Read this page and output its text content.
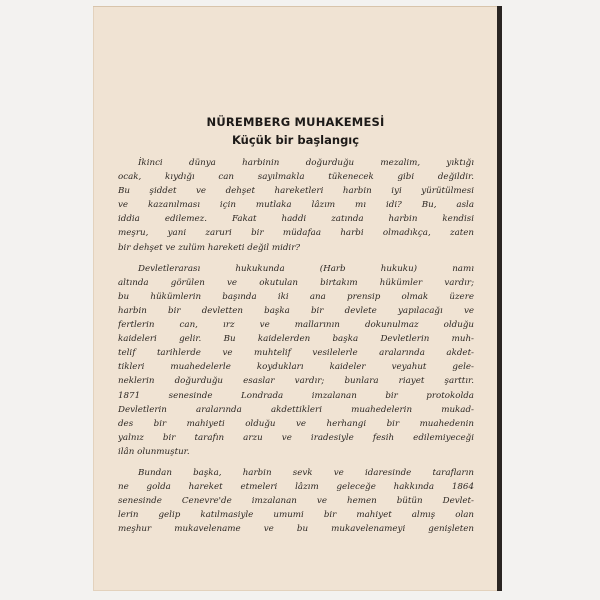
NÜREMBERG MUHAKEMESİ
Küçük bir başlangıç
İkinci dünya harbinin doğurduğu mezalim, yıktığı
ocak, kıydığı can sayılmakla tükenecek gibi değildir.
Bu şiddet ve dehşet hareketleri harbin iyi yürütülmesi
ve kazanılması için mutlaka lâzım mı idi? Bu, asla
iddia edilemez. Fakat haddi zatında harbin kendisi
meşru, yani zaruri bir müdafaa harbi olmadıkça, zaten
bir dehşet ve zulüm hareketi değil midir?
Devletlerarası hukukunda (Harb hukuku) namı
altında görülen ve okutulan birtakım hükümler vardır;
bu hükümlerin başında iki ana prensip olmak üzere
harbin bir devletten başka bir devlete yapılacağı ve
fertlerin can, ırz ve mallarının dokunulmaz olduğu
kaideleri gelir. Bu kaidelerden başka Devletlerin muh-
telif tarihlerde ve muhtelif vesilelerle aralarında akdet-
tikleri muahedelerle koydukları kaideler veyahut gele-
neklerin doğurduğu esaslar vardır; bunlara riayet şarttır.
1871 senesinde Londrada imzalanan bir protokolda
Devletlerin aralarında akdettikleri muahedelerin mukad-
des bir mahiyeti olduğu ve herhangi bir muahedenin
yalnız bir tarafın arzu ve iradesiyle fesih edilemiyeceği
ilân olunmuştur.
Bundan başka, harbin sevk ve idaresinde tarafların
ne golda hareket etmeleri lâzım geleceğe hakkında 1864
senesinde Cenevre'de imzalanan ve hemen bütün Devlet-
lerin gelip katılmasiyle umumi bir mahiyet almış olan
meşhur mukavelename ve bu mukavelenameyi genişleten
